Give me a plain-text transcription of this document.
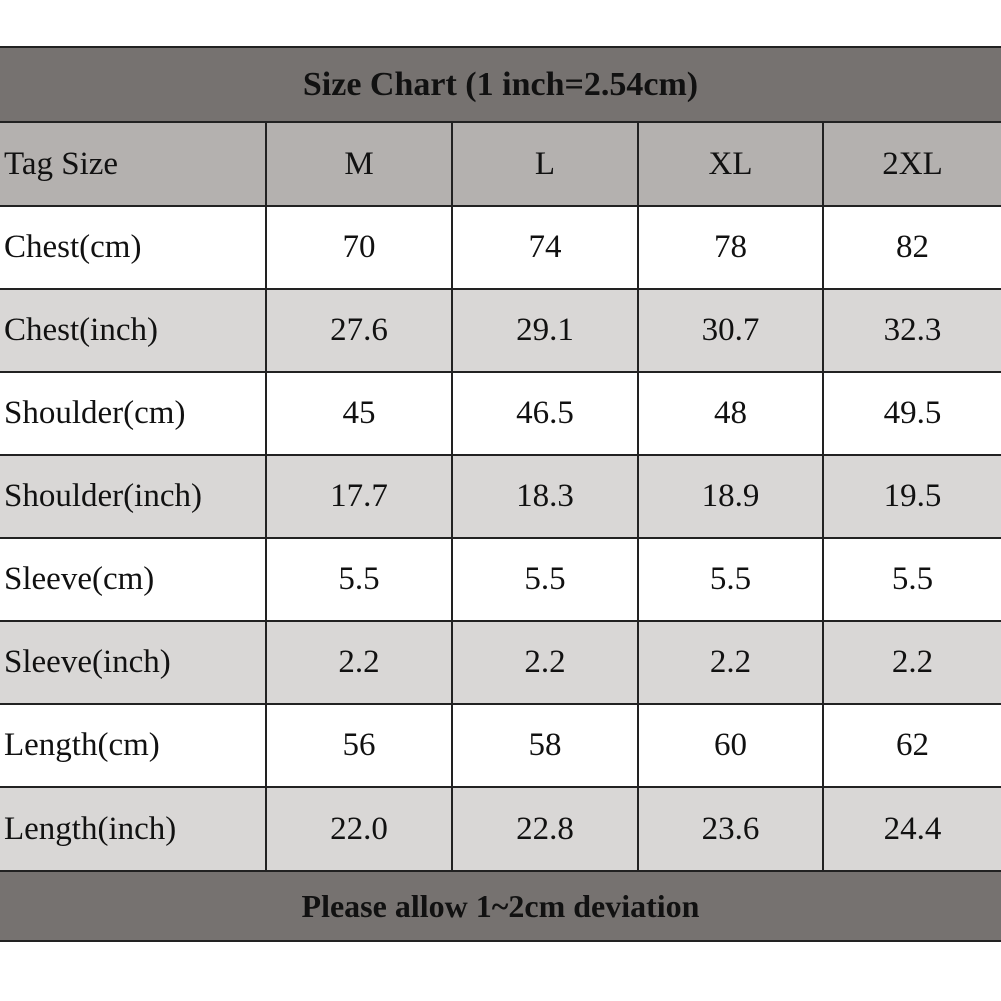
Size Chart (1 inch=2.54cm)
Tag Size	M	L	XL	2XL
Chest(cm)	70	74	78	82
Chest(inch)	27.6	29.1	30.7	32.3
Shoulder(cm)	45	46.5	48	49.5
Shoulder(inch)	17.7	18.3	18.9	19.5
Sleeve(cm)	5.5	5.5	5.5	5.5
Sleeve(inch)	2.2	2.2	2.2	2.2
Length(cm)	56	58	60	62
Length(inch)	22.0	22.8	23.6	24.4
Please allow 1~2cm deviation
